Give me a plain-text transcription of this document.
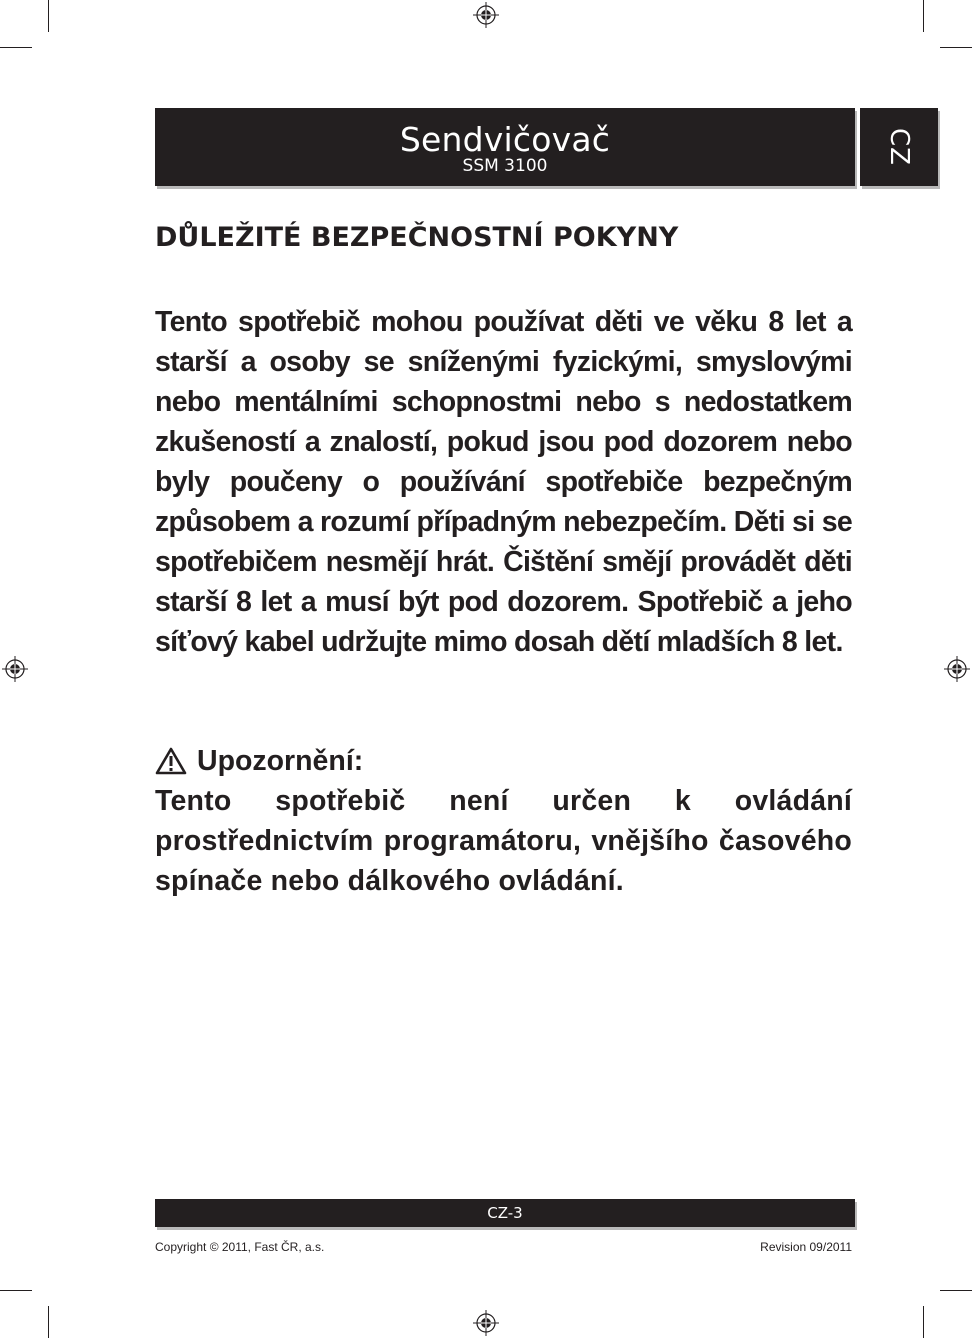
Sendvičovač
SSM 3100
CZ
DŮLEŽITÉ BEZPEČNOSTNÍ POKYNY
Tento spotřebič mohou používat děti ve věku 8 let a starší a osoby se sníženými fyzickými, smyslovými nebo mentálními schopnostmi nebo s nedostatkem zkušeností a znalostí, pokud jsou pod dozorem nebo byly poučeny o používání spotřebiče bezpečným způsobem a rozumí případným nebezpečím. Děti si se spotřebičem nesmějí hrát. Čištění smějí provádět děti starší 8 let a musí být pod dozorem. Spotřebič a jeho síťový kabel udržujte mimo dosah dětí mladších 8 let.
Upozornění:
Tento spotřebič není určen k ovládání prostřednictvím programátoru, vnějšího časového spínače nebo dálkového ovládání.
CZ-3
Copyright © 2011, Fast ČR, a.s.	Revision 09/2011
